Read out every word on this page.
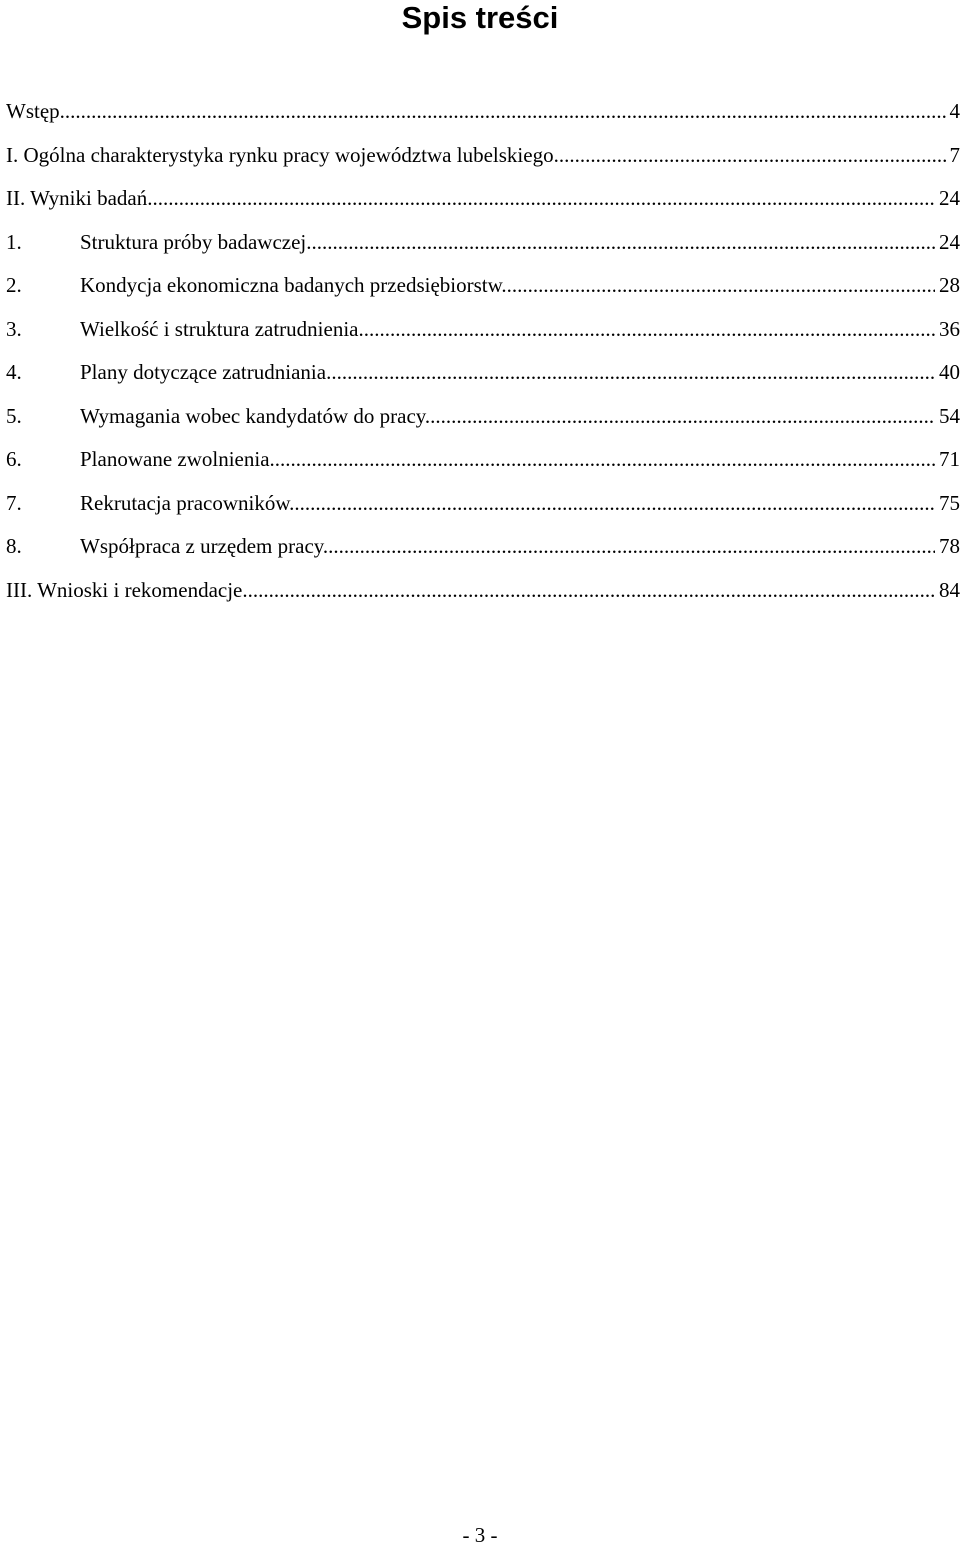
Spis treści
Wstęp .....	4
I. Ogólna charakterystyka rynku pracy województwa lubelskiego .....	7
II. Wyniki badań .....	24
1.	Struktura próby badawczej .....	24
2.	Kondycja ekonomiczna badanych przedsiębiorstw .....	28
3.	Wielkość i struktura zatrudnienia .....	36
4.	Plany dotyczące zatrudniania .....	40
5.	Wymagania wobec kandydatów do pracy .....	54
6.	Planowane zwolnienia .....	71
7.	Rekrutacja pracowników .....	75
8.	Współpraca z urzędem pracy .....	78
III. Wnioski i rekomendacje .....	84
- 3 -
